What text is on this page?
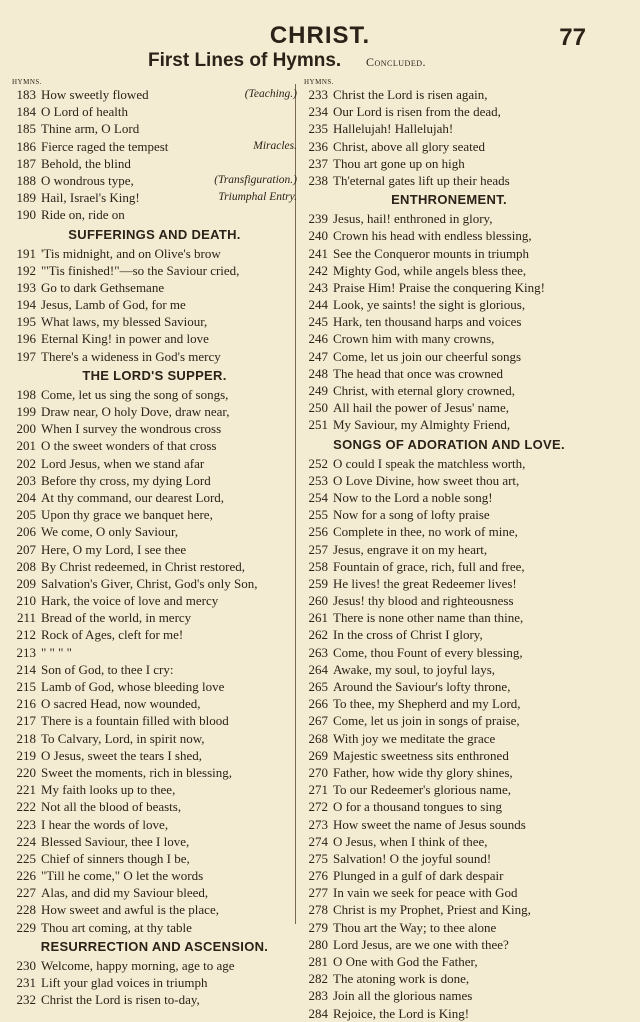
CHRIST.	77
First Lines of Hymns. Concluded.
HYMNS.
183 How sweetly flowed	(Teaching.)
184 O Lord of health
185 Thine arm, O Lord
186 Fierce raged the tempest	Miracles.
187 Behold, the blind
188 O wondrous type,	(Transfiguration.)
189 Hail, Israel's King!	Triumphal Entry.
190 Ride on, ride on
SUFFERINGS AND DEATH.
191 'Tis midnight, and on Olive's brow
192 "'Tis finished!"—so the Saviour cried,
193 Go to dark Gethsemane
194 Jesus, Lamb of God, for me
195 What laws, my blessed Saviour,
196 Eternal King! in power and love
197 There's a wideness in God's mercy
THE LORD'S SUPPER.
198 Come, let us sing the song of songs,
199 Draw near, O holy Dove, draw near,
200 When I survey the wondrous cross
201 O the sweet wonders of that cross
202 Lord Jesus, when we stand afar
203 Before thy cross, my dying Lord
204 At thy command, our dearest Lord,
205 Upon thy grace we banquet here,
206 We come, O only Saviour,
207 Here, O my Lord, I see thee
208 By Christ redeemed, in Christ restored,
209 Salvation's Giver, Christ, God's only Son,
210 Hark, the voice of love and mercy
211 Bread of the world, in mercy
212 Rock of Ages, cleft for me!
213 " " " "
214 Son of God, to thee I cry:
215 Lamb of God, whose bleeding love
216 O sacred Head, now wounded,
217 There is a fountain filled with blood
218 To Calvary, Lord, in spirit now,
219 O Jesus, sweet the tears I shed,
220 Sweet the moments, rich in blessing,
221 My faith looks up to thee,
222 Not all the blood of beasts,
223 I hear the words of love,
224 Blessed Saviour, thee I love,
225 Chief of sinners though I be,
226 "Till he come," O let the words
227 Alas, and did my Saviour bleed,
228 How sweet and awful is the place,
229 Thou art coming, at thy table
RESURRECTION AND ASCENSION.
230 Welcome, happy morning, age to age
231 Lift your glad voices in triumph
232 Christ the Lord is risen to-day,
HYMNS.
233 Christ the Lord is risen again,
234 Our Lord is risen from the dead,
235 Hallelujah! Hallelujah!
236 Christ, above all glory seated
237 Thou art gone up on high
238 Th'eternal gates lift up their heads
ENTHRONEMENT.
239 Jesus, hail! enthroned in glory,
240 Crown his head with endless blessing,
241 See the Conqueror mounts in triumph
242 Mighty God, while angels bless thee,
243 Praise Him! Praise the conquering King!
244 Look, ye saints! the sight is glorious,
245 Hark, ten thousand harps and voices
246 Crown him with many crowns,
247 Come, let us join our cheerful songs
248 The head that once was crowned
249 Christ, with eternal glory crowned,
250 All hail the power of Jesus' name,
251 My Saviour, my Almighty Friend,
SONGS OF ADORATION AND LOVE.
252 O could I speak the matchless worth,
253 O Love Divine, how sweet thou art,
254 Now to the Lord a noble song!
255 Now for a song of lofty praise
256 Complete in thee, no work of mine,
257 Jesus, engrave it on my heart,
258 Fountain of grace, rich, full and free,
259 He lives! the great Redeemer lives!
260 Jesus! thy blood and righteousness
261 There is none other name than thine,
262 In the cross of Christ I glory,
263 Come, thou Fount of every blessing,
264 Awake, my soul, to joyful lays,
265 Around the Saviour's lofty throne,
266 To thee, my Shepherd and my Lord,
267 Come, let us join in songs of praise,
268 With joy we meditate the grace
269 Majestic sweetness sits enthroned
270 Father, how wide thy glory shines,
271 To our Redeemer's glorious name,
272 O for a thousand tongues to sing
273 How sweet the name of Jesus sounds
274 O Jesus, when I think of thee,
275 Salvation! O the joyful sound!
276 Plunged in a gulf of dark despair
277 In vain we seek for peace with God
278 Christ is my Prophet, Priest and King,
279 Thou art the Way; to thee alone
280 Lord Jesus, are we one with thee?
281 O One with God the Father,
282 The atoning work is done,
283 Join all the glorious names
284 Rejoice, the Lord is King!
